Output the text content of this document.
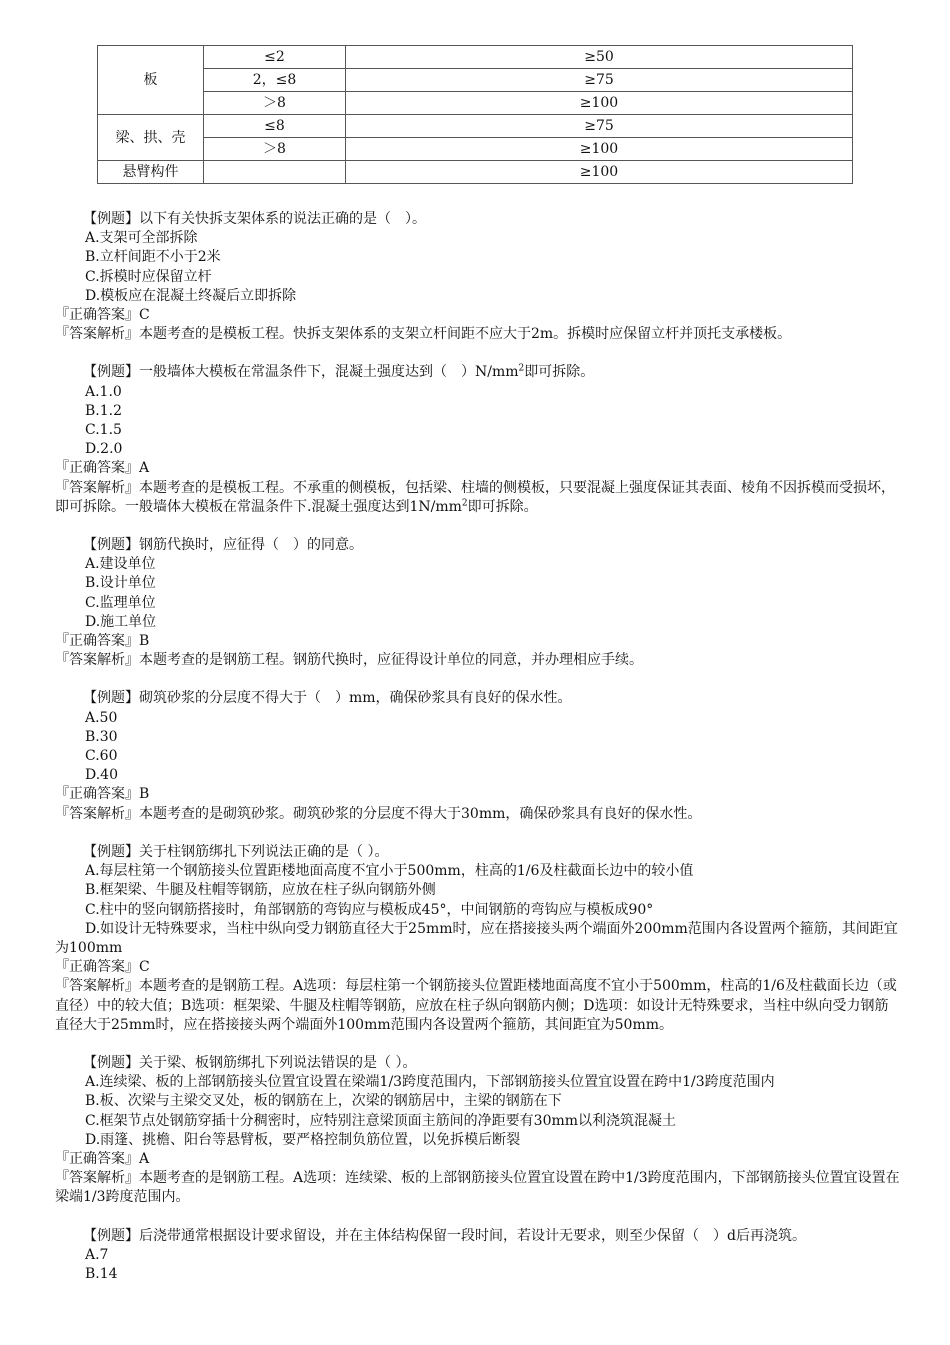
板	≤2	≥50
	2，≤8	≥75
	＞8	≥100
梁、拱、壳	≤8	≥75
	＞8	≥100
悬臂构件		≥100
【例题】以下有关快拆支架体系的说法正确的是（　）。
A.支架可全部拆除
B.立杆间距不小于2米
C.拆模时应保留立杆
D.模板应在混凝土终凝后立即拆除
『正确答案』C
『答案解析』本题考查的是模板工程。快拆支架体系的支架立杆间距不应大于2m。拆模时应保留立杆并顶托支承楼板。
【例题】一般墙体大模板在常温条件下，混凝土强度达到（　）$N/mm^2$即可拆除。
A.1.0
B.1.2
C.1.5
D.2.0
『正确答案』A
『答案解析』本题考查的是模板工程。不承重的侧模板，包括梁、柱墙的侧模板，只要混凝上强度保证其表面、棱角不因拆模而受损坏，即可拆除。一般墙体大模板在常温条件下.混凝土强度达到$1N/mm^2$即可拆除。
【例题】钢筋代换时，应征得（　）的同意。
A.建设单位
B.设计单位
C.监理单位
D.施工单位
『正确答案』B
『答案解析』本题考查的是钢筋工程。钢筋代换时，应征得设计单位的同意，并办理相应手续。
【例题】砌筑砂浆的分层度不得大于（　）mm，确保砂浆具有良好的保水性。
A.50
B.30
C.60
D.40
『正确答案』B
『答案解析』本题考查的是砌筑砂浆。砌筑砂浆的分层度不得大于30mm，确保砂浆具有良好的保水性。
【例题】关于柱钢筋绑扎下列说法正确的是（ ）。
A.每层柱第一个钢筋接头位置距楼地面高度不宜小于500mm，柱高的1/6及柱截面长边中的较小值
B.框架梁、牛腿及柱帽等钢筋，应放在柱子纵向钢筋外侧
C.柱中的竖向钢筋搭接时，角部钢筋的弯钩应与模板成45°，中间钢筋的弯钩应与模板成90°
D.如设计无特殊要求，当柱中纵向受力钢筋直径大于25mm时，应在搭接接头两个端面外200mm范围内各设置两个箍筋，其间距宜为100mm
『正确答案』C
『答案解析』本题考查的是钢筋工程。A选项：每层柱第一个钢筋接头位置距楼地面高度不宜小于500mm，柱高的1/6及柱截面长边（或直径）中的较大值；B选项：框架梁、牛腿及柱帽等钢筋，应放在柱子纵向钢筋内侧；D选项：如设计无特殊要求，当柱中纵向受力钢筋直径大于25mm时，应在搭接接头两个端面外100mm范围内各设置两个箍筋，其间距宜为50mm。
【例题】关于梁、板钢筋绑扎下列说法错误的是（ ）。
A.连续梁、板的上部钢筋接头位置宜设置在梁端1/3跨度范围内，下部钢筋接头位置宜设置在跨中1/3跨度范围内
B.板、次梁与主梁交叉处，板的钢筋在上，次梁的钢筋居中，主梁的钢筋在下
C.框架节点处钢筋穿插十分稠密时，应特别注意梁顶面主筋间的净距要有30mm以利浇筑混凝土
D.雨篷、挑檐、阳台等悬臂板，要严格控制负筋位置，以免拆模后断裂
『正确答案』A
『答案解析』本题考查的是钢筋工程。A选项：连续梁、板的上部钢筋接头位置宜设置在跨中1/3跨度范围内，下部钢筋接头位置宜设置在梁端1/3跨度范围内。
【例题】后浇带通常根据设计要求留设，并在主体结构保留一段时间，若设计无要求，则至少保留（　）d后再浇筑。
A.7
B.14
